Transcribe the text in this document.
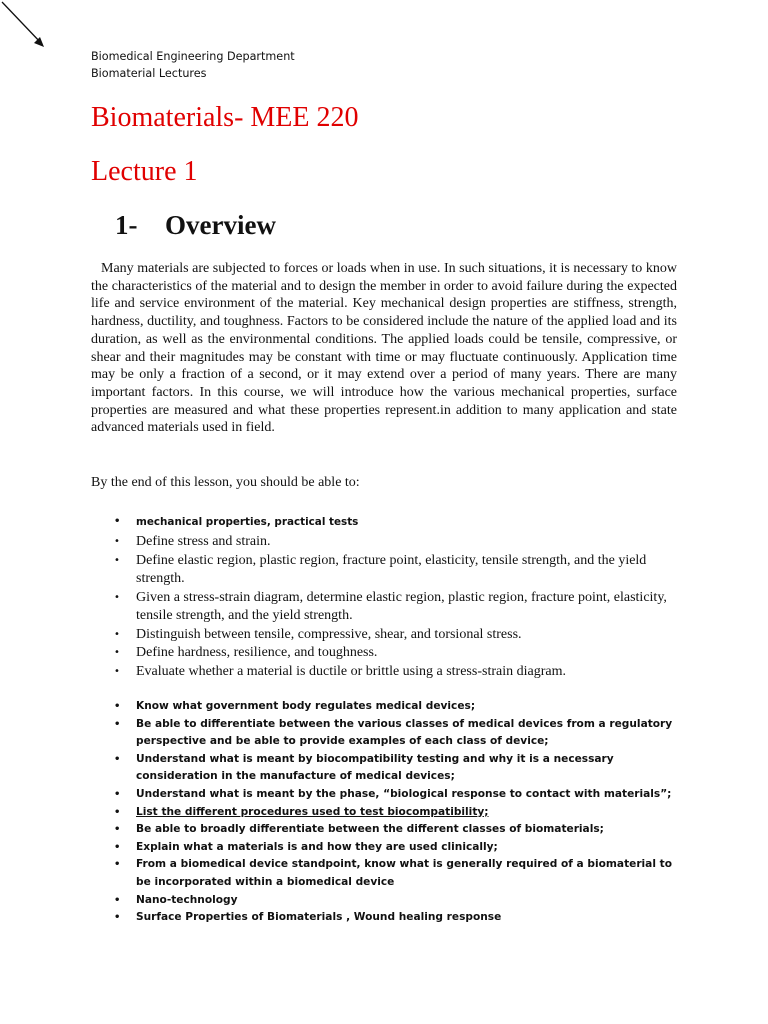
Biomedical Engineering Department
Biomaterial Lectures
Biomaterials- MEE 220
Lecture 1
1- Overview

Many materials are subjected to forces or loads when in use. In such situations, it is necessary to know the characteristics of the material and to design the member in order to avoid failure during the expected life and service environment of the material. Key mechanical design properties are stiffness, strength, hardness, ductility, and toughness. Factors to be considered include the nature of the applied load and its duration, as well as the environmental conditions. The applied loads could be tensile, compressive, or shear and their magnitudes may be constant with time or may fluctuate continuously. Application time may be only a fraction of a second, or it may extend over a period of many years. There are many important factors. In this course, we will introduce how the various mechanical properties, surface properties are measured and what these properties represent.in addition to many application and state advanced materials used in field.

By the end of this lesson, you should be able to:

• mechanical properties, practical tests
• Define stress and strain.
• Define elastic region, plastic region, fracture point, elasticity, tensile strength, and the yield strength.
• Given a stress-strain diagram, determine elastic region, plastic region, fracture point, elasticity, tensile strength, and the yield strength.
• Distinguish between tensile, compressive, shear, and torsional stress.
• Define hardness, resilience, and toughness.
• Evaluate whether a material is ductile or brittle using a stress-strain diagram.
• Know what government body regulates medical devices;
• Be able to differentiate between the various classes of medical devices from a regulatory perspective and be able to provide examples of each class of device;
• Understand what is meant by biocompatibility testing and why it is a necessary consideration in the manufacture of medical devices;
• Understand what is meant by the phase, “biological response to contact with materials”;
• List the different procedures used to test biocompatibility;
• Be able to broadly differentiate between the different classes of biomaterials;
• Explain what a materials is and how they are used clinically;
• From a biomedical device standpoint, know what is generally required of a biomaterial to be incorporated within a biomedical device
• Nano-technology
• Surface Properties of Biomaterials , Wound healing response
